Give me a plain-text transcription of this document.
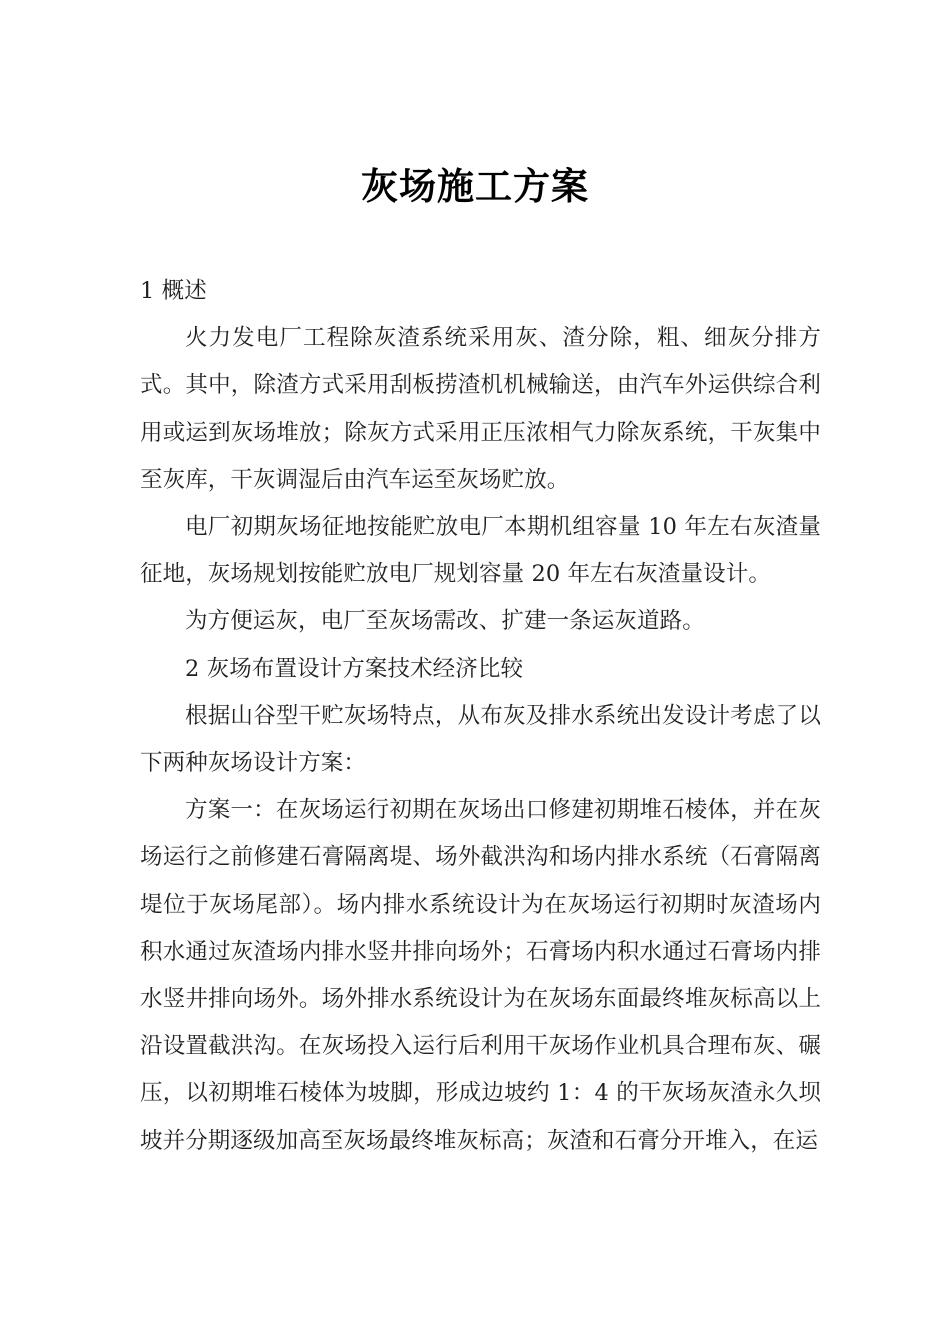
灰场施工方案

1 概述

火力发电厂工程除灰渣系统采用灰、渣分除，粗、细灰分排方式。其中，除渣方式采用刮板捞渣机机械输送，由汽车外运供综合利用或运到灰场堆放；除灰方式采用正压浓相气力除灰系统，干灰集中至灰库，干灰调湿后由汽车运至灰场贮放。

电厂初期灰场征地按能贮放电厂本期机组容量 10 年左右灰渣量征地，灰场规划按能贮放电厂规划容量 20 年左右灰渣量设计。

为方便运灰，电厂至灰场需改、扩建一条运灰道路。

2 灰场布置设计方案技术经济比较

根据山谷型干贮灰场特点，从布灰及排水系统出发设计考虑了以下两种灰场设计方案：

方案一：在灰场运行初期在灰场出口修建初期堆石棱体，并在灰场运行之前修建石膏隔离堤、场外截洪沟和场内排水系统（石膏隔离堤位于灰场尾部）。场内排水系统设计为在灰场运行初期时灰渣场内积水通过灰渣场内排水竖井排向场外；石膏场内积水通过石膏场内排水竖井排向场外。场外排水系统设计为在灰场东面最终堆灰标高以上沿设置截洪沟。在灰场投入运行后利用干灰场作业机具合理布灰、碾压，以初期堆石棱体为坡脚，形成边坡约 1：4 的干灰场灰渣永久坝坡并分期逐级加高至灰场最终堆灰标高；灰渣和石膏分开堆入，在运
